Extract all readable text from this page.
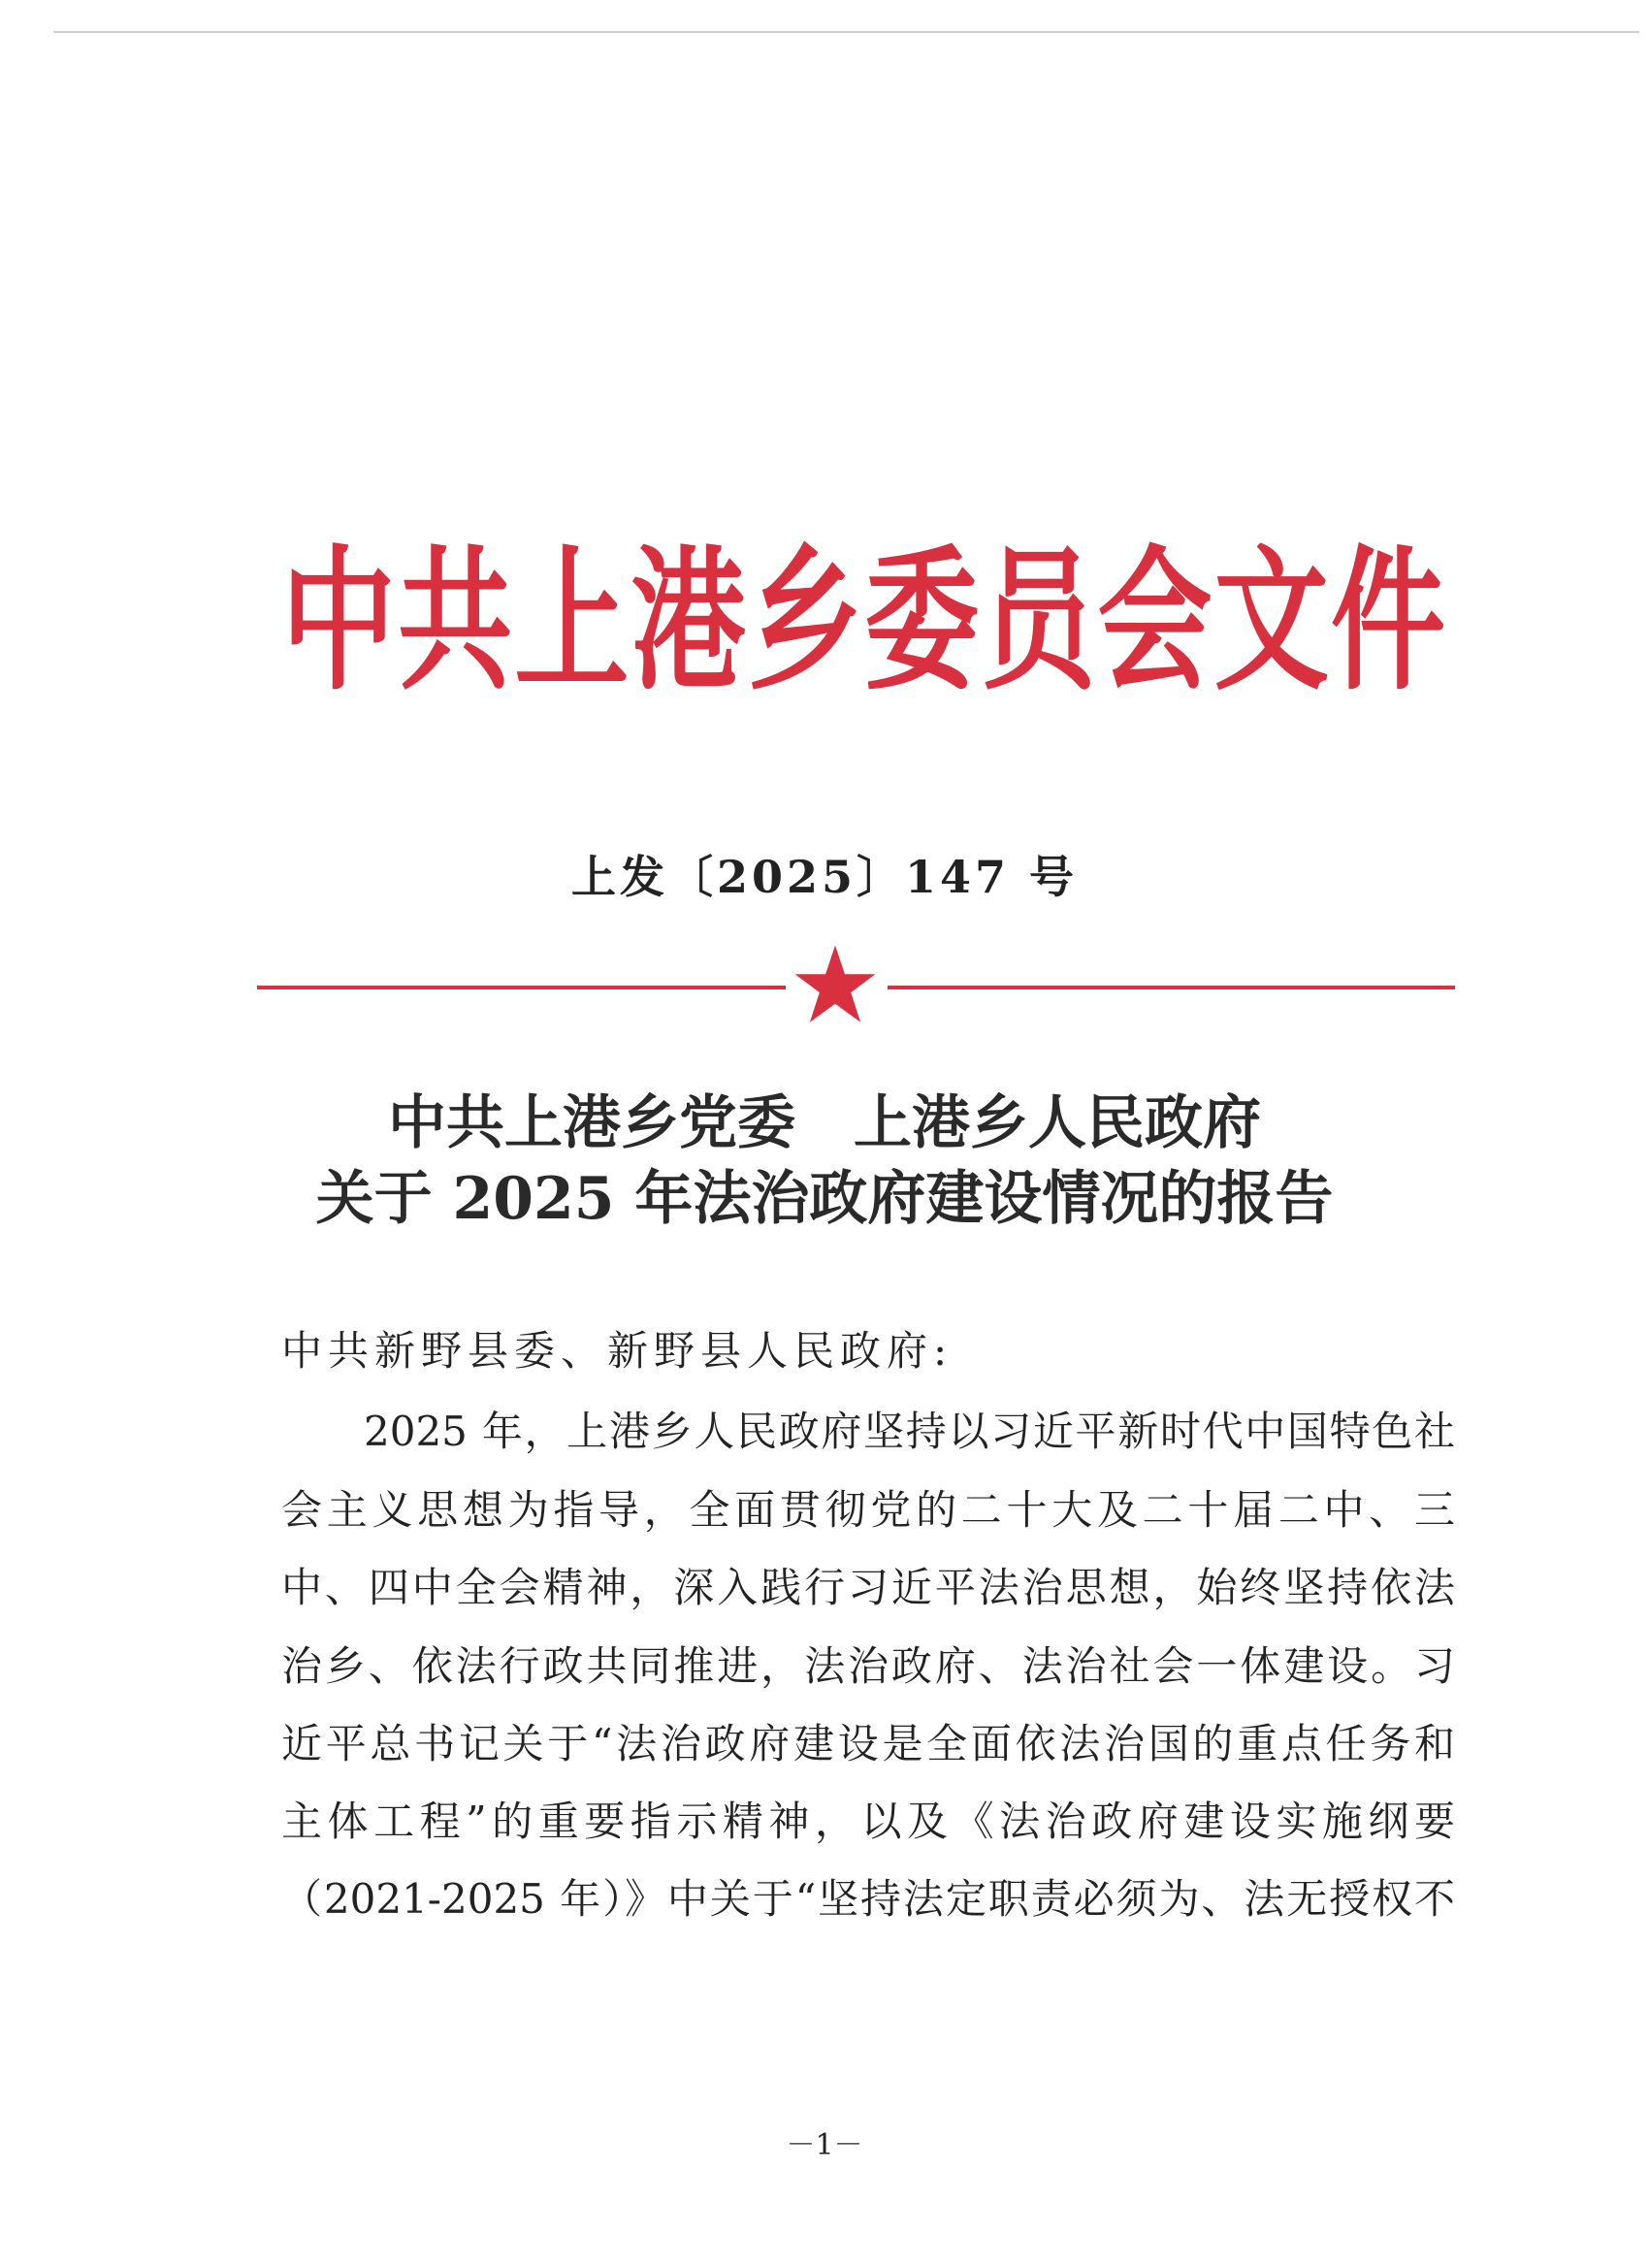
中共上港乡委员会文件
上发〔2025〕147 号
中共上港乡党委　上港乡人民政府
关于 2025 年法治政府建设情况的报告
中共新野县委、新野县人民政府:
2025 年，上港乡人民政府坚持以习近平新时代中国特色社
会主义思想为指导，全面贯彻党的二十大及二十届二中、三
中、四中全会精神，深入践行习近平法治思想，始终坚持依法
治乡、依法行政共同推进，法治政府、法治社会一体建设。习
近平总书记关于“法治政府建设是全面依法治国的重点任务和
主体工程”的重要指示精神，以及《法治政府建设实施纲要
（2021-2025 年）》中关于“坚持法定职责必须为、法无授权不
－1－
